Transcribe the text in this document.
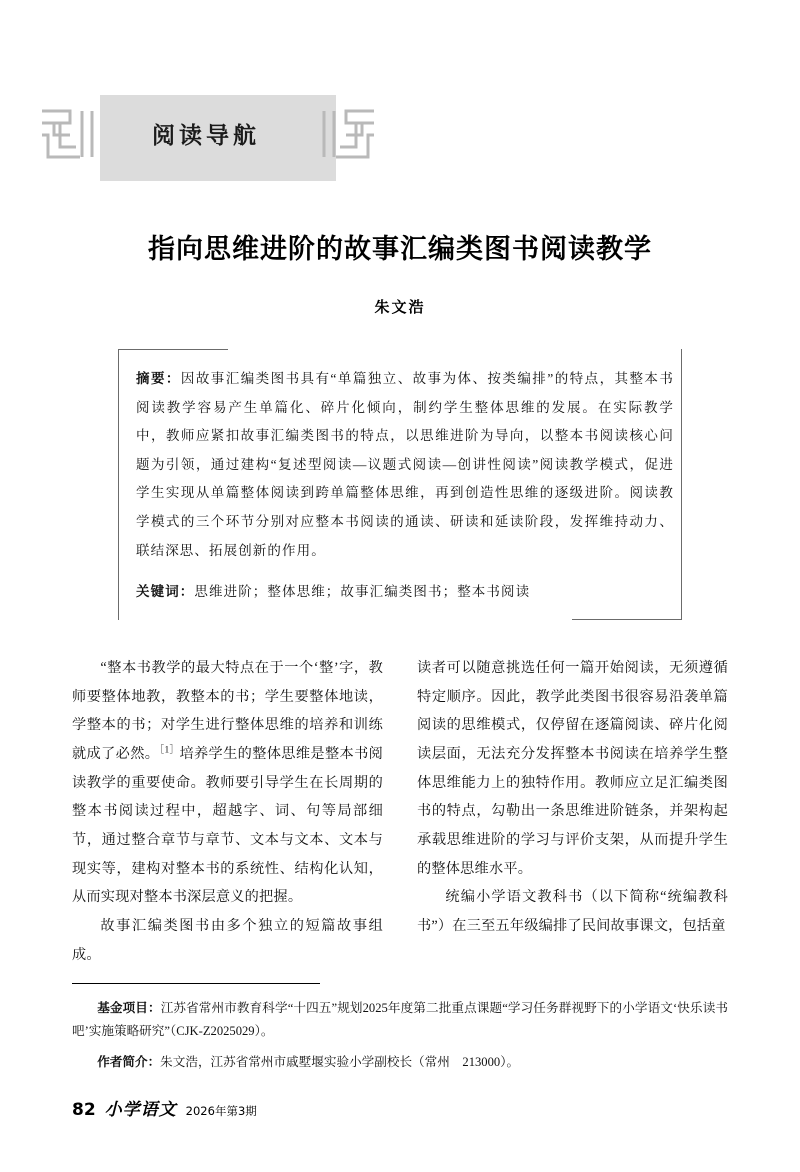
阅读导航
指向思维进阶的故事汇编类图书阅读教学
朱文浩

摘要：因故事汇编类图书具有“单篇独立、故事为体、按类编排”的特点，其整本书阅读教学容易产生单篇化、碎片化倾向，制约学生整体思维的发展。在实际教学中，教师应紧扣故事汇编类图书的特点，以思维进阶为导向，以整本书阅读核心问题为引领，通过建构“复述型阅读—议题式阅读—创讲性阅读”阅读教学模式，促进学生实现从单篇整体阅读到跨单篇整体思维，再到创造性思维的逐级进阶。阅读教学模式的三个环节分别对应整本书阅读的通读、研读和延读阶段，发挥维持动力、联结深思、拓展创新的作用。

关键词：思维进阶；整体思维；故事汇编类图书；整本书阅读

“整本书教学的最大特点在于一个‘整’字，教师要整体地教，教整本的书；学生要整体地读，学整本的书；对学生进行整体思维的培养和训练就成了必然。$^{[1]}$培养学生的整体思维是整本书阅读教学的重要使命。教师要引导学生在长周期的整本书阅读过程中，超越字、词、句等局部细节，通过整合章节与章节、文本与文本、文本与现实等，建构对整本书的系统性、结构化认知，从而实现对整本书深层意义的把握。

故事汇编类图书由多个独立的短篇故事组成。

读者可以随意挑选任何一篇开始阅读，无须遵循特定顺序。因此，教学此类图书很容易沿袭单篇阅读的思维模式，仅停留在逐篇阅读、碎片化阅读层面，无法充分发挥整本书阅读在培养学生整体思维能力上的独特作用。教师应立足汇编类图书的特点，勾勒出一条思维进阶链条，并架构起承载思维进阶的学习与评价支架，从而提升学生的整体思维水平。

统编小学语文教科书（以下简称“统编教科书”）在三至五年级编排了民间故事课文，包括童

基金项目：江苏省常州市教育科学“十四五”规划2025年度第二批重点课题“学习任务群视野下的小学语文‘快乐读书吧’实施策略研究”（CJK-Z2025029）。

作者简介：朱文浩，江苏省常州市戚墅堰实验小学副校长（常州　213000）。

82 小学语文 2026年第3期
